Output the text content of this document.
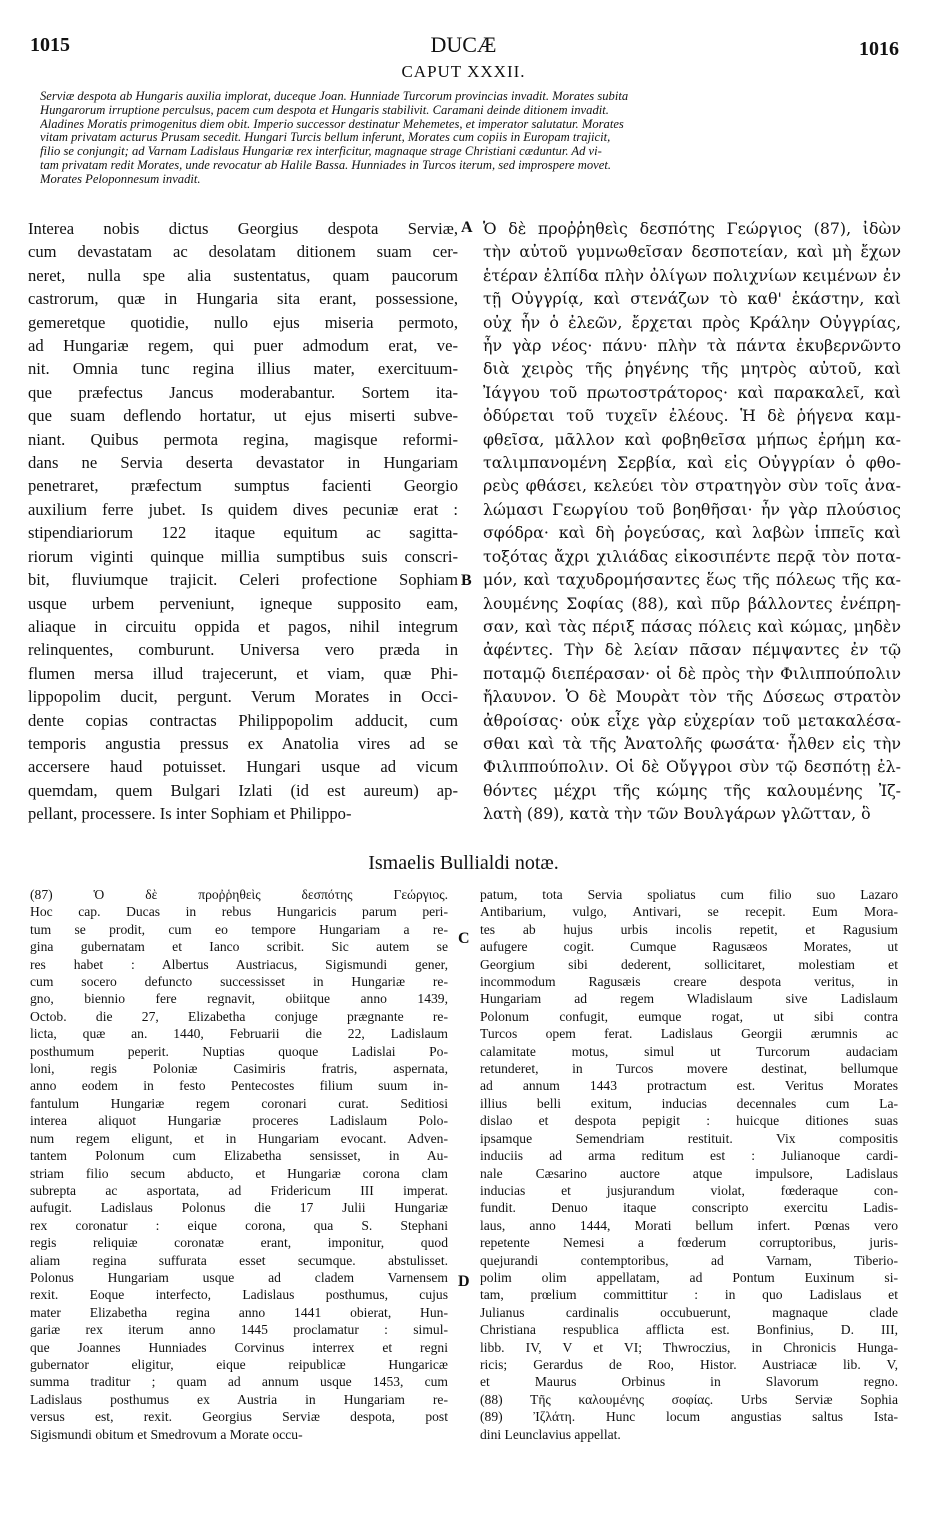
1015	DUCÆ	1016
CAPUT XXXII.
Serviæ despota ab Hungaris auxilia implorat, duceque Joan. Hunniade Turcorum provincias invadit. Morates subita
Hungarorum irruptione perculsus, pacem cum despota et Hungaris stabilivit. Caramani deinde ditionem invadit.
Aladines Moratis primogenitus diem obit. Imperio successor destinatur Mehemetes, et imperator salutatur. Morates
vitam privatam acturus Prusam secedit. Hungari Turcis bellum inferunt, Morates cum copiis in Europam trajicit,
filio se conjungit; ad Varnam Ladislaus Hungariæ rex interficitur, magnaque strage Christiani cæduntur. Ad vi-
tam privatam redit Morates, unde revocatur ab Halile Bassa. Hunniades in Turcos iterum, sed improspere movet.
Morates Peloponnesum invadit.
Interea nobis dictus Georgius despota Serviæ,
cum devastatam ac desolatam ditionem suam cer-
neret, nulla spe alia sustentatus, quam paucorum
castrorum, quæ in Hungaria sita erant, possessione,
gemeretque quotidie, nullo ejus miseria permoto,
ad Hungariæ regem, qui puer admodum erat, ve-
nit. Omnia tunc regina illius mater, exercituum-
que præfectus Jancus moderabantur. Sortem ita-
que suam deflendo hortatur, ut ejus miserti subve-
niant. Quibus permota regina, magisque reformi-
dans ne Servia deserta devastator in Hungariam
penetraret, præfectum sumptus facienti Georgio
auxilium ferre jubet. Is quidem dives pecuniæ erat :
stipendiariorum 122 itaque equitum ac sagitta-
riorum viginti quinque millia sumptibus suis conscri-
bit, fluviumque trajicit. Celeri profectione Sophiam
usque urbem perveniunt, igneque supposito eam,
aliaque in circuitu oppida et pagos, nihil integrum
relinquentes, comburunt. Universa vero præda in
flumen mersa illud trajecerunt, et viam, quæ Phi-
lippopolim ducit, pergunt. Verum Morates in Occi-
dente copias contractas Philippopolim adducit, cum
temporis angustia pressus ex Anatolia vires ad se
accersere haud potuisset. Hungari usque ad vicum
quemdam, quem Bulgari Izlati (id est aureum) ap-
pellant, processere. Is inter Sophiam et Philippo-
Ὁ δὲ προῤῥηθεὶς δεσπότης Γεώργιος (87), ἰδὼν
τὴν αὐτοῦ γυμνωθεῖσαν δεσποτείαν, καὶ μὴ ἔχων
ἑτέραν ἐλπίδα πλὴν ὀλίγων πολιχνίων κειμένων ἐν
τῇ Οὐγγρίᾳ, καὶ στενάζων τὸ καθ' ἑκάστην, καὶ
οὐχ ἦν ὁ ἐλεῶν, ἔρχεται πρὸς Κράλην Οὐγγρίας,
ἦν γὰρ νέος· πάνυ· πλὴν τὰ πάντα ἐκυβερνῶντο
διὰ χειρὸς τῆς ῥηγένης τῆς μητρὸς αὐτοῦ, καὶ
Ἰάγγου τοῦ πρωτοστράτορος· καὶ παρακαλεῖ, καὶ
ὀδύρεται τοῦ τυχεῖν ἐλέους. Ἡ δὲ ῥήγενα καμ-
φθεῖσα, μᾶλλον καὶ φοβηθεῖσα μήπως ἐρήμη κα-
ταλιμπανομένη Σερβία, καὶ εἰς Οὐγγρίαν ὁ φθο-
ρεὺς φθάσει, κελεύει τὸν στρατηγὸν σὺν τοῖς ἀνα-
λώμασι Γεωργίου τοῦ βοηθῆσαι· ἦν γὰρ πλούσιος
σφόδρα· καὶ δὴ ῥογεύσας, καὶ λαβὼν ἱππεῖς καὶ
τοξότας ἄχρι χιλιάδας εἰκοσιπέντε περᾷ τὸν ποτα-
μόν, καὶ ταχυδρομήσαντες ἕως τῆς πόλεως τῆς κα-
λουμένης Σοφίας (88), καὶ πῦρ βάλλοντες ἐνέπρη-
σαν, καὶ τὰς πέριξ πάσας πόλεις καὶ κώμας, μηδὲν
ἀφέντες. Τὴν δὲ λείαν πᾶσαν πέμψαντες ἐν τῷ
ποταμῷ διεπέρασαν· οἱ δὲ πρὸς τὴν Φιλιππούπολιν
ἤλαυνον. Ὁ δὲ Μουρὰτ τὸν τῆς Δύσεως στρατὸν
ἀθροίσας· οὐκ εἶχε γὰρ εὐχερίαν τοῦ μετακαλέσα-
σθαι καὶ τὰ τῆς Ἀνατολῆς φωσάτα· ἦλθεν εἰς τὴν
Φιλιππούπολιν. Οἱ δὲ Οὔγγροι σὺν τῷ δεσπότῃ ἐλ-
θόντες μέχρι τῆς κώμης τῆς καλουμένης Ἰζ-
λατὴ (89), κατὰ τὴν τῶν Βουλγάρων γλῶτταν, ὃ
A
B
Ismaelis Bullialdi notæ.
(87) Ὁ δὲ προῤῥηθεὶς δεσπότης Γεώργιος.
Hoc cap. Ducas in rebus Hungaricis parum peri-
tum se prodit, cum eo tempore Hungariam a re-
gina gubernatam et Ianco scribit. Sic autem se
res habet : Albertus Austriacus, Sigismundi gener,
cum socero defuncto successisset in Hungariæ re-
gno, biennio fere regnavit, obiitque anno 1439,
Octob. die 27, Elizabetha conjuge prægnante re-
licta, quæ an. 1440, Februarii die 22, Ladislaum
posthumum peperit. Nuptias quoque Ladislai Po-
loni, regis Poloniæ Casimiris fratris, aspernata,
anno eodem in festo Pentecostes filium suum in-
fantulum Hungariæ regem coronari curat. Seditiosi
interea aliquot Hungariæ proceres Ladislaum Polo-
num regem eligunt, et in Hungariam evocant. Adven-
tantem Polonum cum Elizabetha sensisset, in Au-
striam filio secum abducto, et Hungariæ corona clam
subrepta ac asportata, ad Fridericum III imperat.
aufugit. Ladislaus Polonus die 17 Julii Hungariæ
rex coronatur : eique corona, qua S. Stephani
regis reliquiæ coronatæ erant, imponitur, quod
aliam regina suffurata esset secumque. abstulisset.
Polonus Hungariam usque ad cladem Varnensem
rexit. Eoque interfecto, Ladislaus posthumus, cujus
mater Elizabetha regina anno 1441 obierat, Hun-
gariæ rex iterum anno 1445 proclamatur : simul-
que Joannes Hunniades Corvinus interrex et regni
gubernator eligitur, eique reipublicæ Hungaricæ
summa traditur ; quam ad annum usque 1453, cum
Ladislaus posthumus ex Austria in Hungariam re-
versus est, rexit. Georgius Serviæ despota, post
Sigismundi obitum et Smedrovum a Morate occu-
patum, tota Servia spoliatus cum filio suo Lazaro
Antibarium, vulgo, Antivari, se recepit. Eum Mora-
tes ab hujus urbis incolis repetit, et Ragusium
aufugere cogit. Cumque Ragusæos Morates, ut
Georgium sibi dederent, sollicitaret, molestiam et
incommodum Ragusæis creare despota veritus, in
Hungariam ad regem Wladislaum sive Ladislaum
Polonum confugit, eumque rogat, ut sibi contra
Turcos opem ferat. Ladislaus Georgii ærumnis ac
calamitate motus, simul ut Turcorum audaciam
retunderet, in Turcos movere destinat, bellumque
ad annum 1443 protractum est. Veritus Morates
illius belli exitum, inducias decennales cum La-
dislao et despota pepigit : huicque ditiones suas
ipsamque Semendriam restituit. Vix compositis
induciis ad arma reditum est : Julianoque cardi-
nale Cæsarino auctore atque impulsore, Ladislaus
inducias et jusjurandum violat, fœderaque con-
fundit. Denuo itaque conscripto exercitu Ladis-
laus, anno 1444, Morati bellum infert. Pœnas vero
repetente Nemesi a fœderum corruptoribus, juris-
quejurandi contemptoribus, ad Varnam, Tiberio-
polim olim appellatam, ad Pontum Euxinum si-
tam, prœlium committitur : in quo Ladislaus et
Julianus cardinalis occubuerunt, magnaque clade
Christiana respublica afflicta est. Bonfinius, D. III,
libb. IV, V et VI; Thwroczius, in Chronicis Hunga-
ricis; Gerardus de Roo, Histor. Austriacæ lib. V,
et Maurus Orbinus in Slavorum regno.
(88) Τῆς καλουμένης σοφίας. Urbs Serviæ Sophia
(89) Ἰζλάτη. Hunc locum angustias saltus Ista-
dini Leunclavius appellat.
C
D
